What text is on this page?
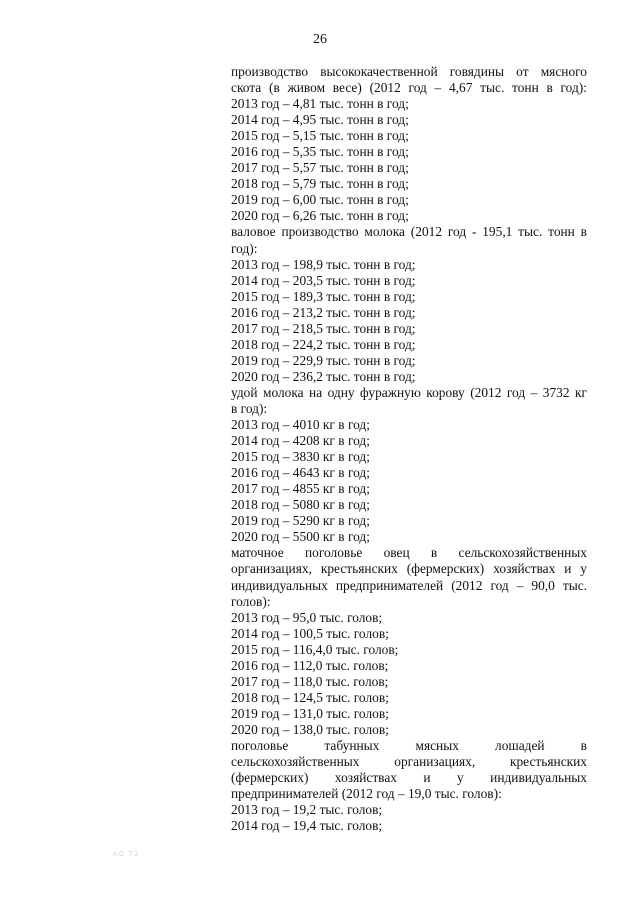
26
производство высококачественной говядины от мясного
скота (в живом весе) (2012 год – 4,67 тыс. тонн в год):
2013 год – 4,81 тыс. тонн в год;
2014 год – 4,95 тыс. тонн в год;
2015 год – 5,15 тыс. тонн в год;
2016 год – 5,35 тыс. тонн в год;
2017 год – 5,57 тыс. тонн в год;
2018 год – 5,79 тыс. тонн в год;
2019 год – 6,00 тыс. тонн в год;
2020 год – 6,26 тыс. тонн в год;
валовое производство молока (2012 год - 195,1 тыс. тонн в
год):
2013 год – 198,9 тыс. тонн в год;
2014 год – 203,5 тыс. тонн в год;
2015 год – 189,3 тыс. тонн в год;
2016 год – 213,2 тыс. тонн в год;
2017 год – 218,5 тыс. тонн в год;
2018 год – 224,2 тыс. тонн в год;
2019 год – 229,9 тыс. тонн в год;
2020 год – 236,2 тыс. тонн в год;
удой молока на одну фуражную корову (2012 год – 3732 кг
в год):
2013 год – 4010 кг в год;
2014 год – 4208 кг в год;
2015 год – 3830 кг в год;
2016 год – 4643 кг в год;
2017 год – 4855 кг в год;
2018 год – 5080 кг в год;
2019 год – 5290 кг в год;
2020 год – 5500 кг в год;
маточное поголовье овец в сельскохозяйственных
организациях, крестьянских (фермерских) хозяйствах и у
индивидуальных предпринимателей (2012 год – 90,0 тыс.
голов):
2013 год – 95,0 тыс. голов;
2014 год – 100,5 тыс. голов;
2015 год – 116,4,0 тыс. голов;
2016 год – 112,0 тыс. голов;
2017 год – 118,0 тыс. голов;
2018 год – 124,5 тыс. голов;
2019 год – 131,0 тыс. голов;
2020 год – 138,0 тыс. голов;
поголовье табунных мясных лошадей в
сельскохозяйственных организациях, крестьянских
(фермерских) хозяйствах и у индивидуальных
предпринимателей (2012 год – 19,0 тыс. голов):
2013 год – 19,2 тыс. голов;
2014 год – 19,4 тыс. голов;
АО 72
